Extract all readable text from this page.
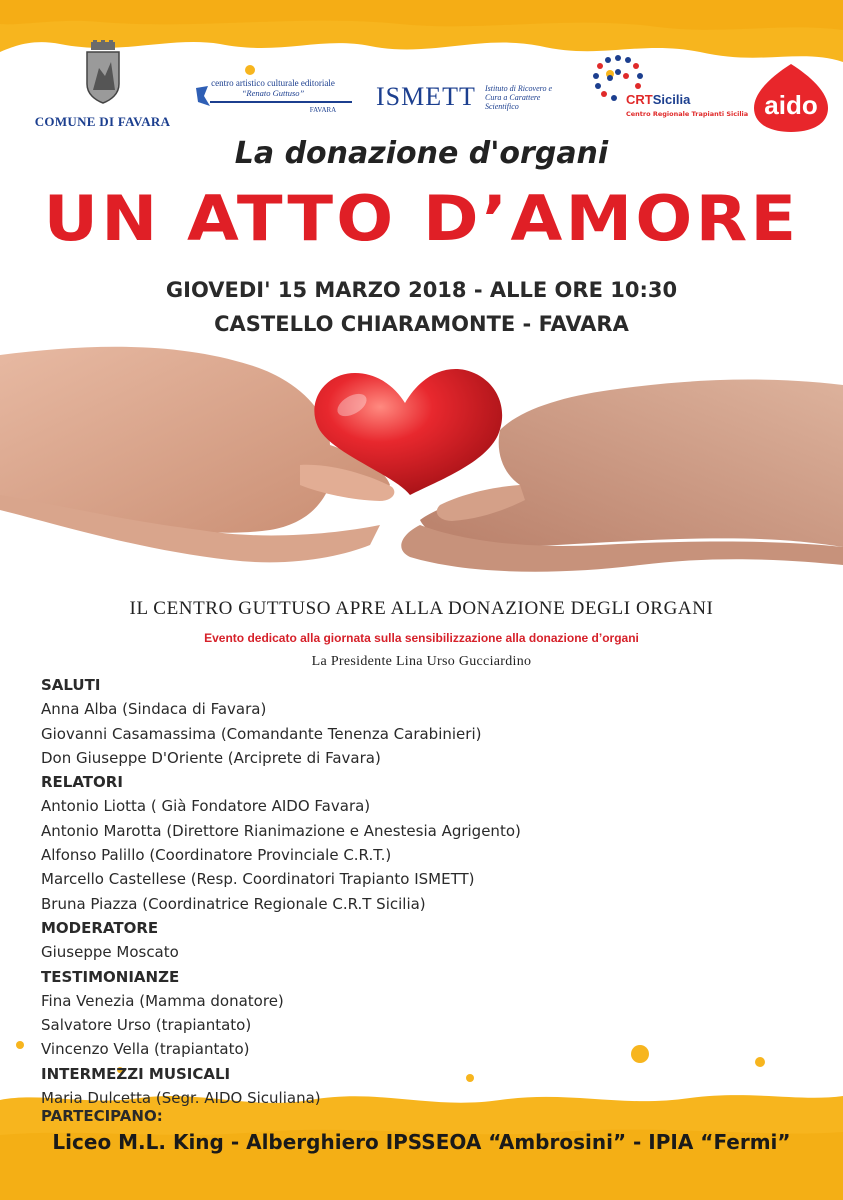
COMUNE DI FAVARA
centro artistico culturale editoriale
“Renato Guttuso”
FAVARA	ISMETT Istituto di Ricovero e Cura a Carattere Scientifico	CRTSicilia
Centro Regionale Trapianti Sicilia aido
La donazione d'organi
UN ATTO D’AMORE
GIOVEDI' 15 MARZO 2018 - ALLE ORE 10:30
CASTELLO CHIARAMONTE - FAVARA
IL CENTRO GUTTUSO APRE ALLA DONAZIONE DEGLI ORGANI
Evento dedicato alla giornata sulla sensibilizzazione alla donazione d’organi
La Presidente Lina Urso Gucciardino
SALUTI
Anna Alba (Sindaca di Favara)
Giovanni Casamassima (Comandante Tenenza Carabinieri)
Don Giuseppe D'Oriente (Arciprete di Favara)
RELATORI
Antonio Liotta ( Già Fondatore AIDO Favara)
Antonio Marotta (Direttore Rianimazione e Anestesia Agrigento)
Alfonso Palillo (Coordinatore Provinciale C.R.T.)
Marcello Castellese (Resp. Coordinatori Trapianto ISMETT)
Bruna Piazza (Coordinatrice Regionale C.R.T Sicilia)
MODERATORE
Giuseppe Moscato
TESTIMONIANZE
Fina Venezia (Mamma donatore)
Salvatore Urso (trapiantato)
Vincenzo Vella (trapiantato)
INTERMEZZI MUSICALI
Maria Dulcetta (Segr. AIDO Siculiana)
PARTECIPANO:
Liceo M.L. King - Alberghiero IPSSEOA “Ambrosini” - IPIA “Fermi”
